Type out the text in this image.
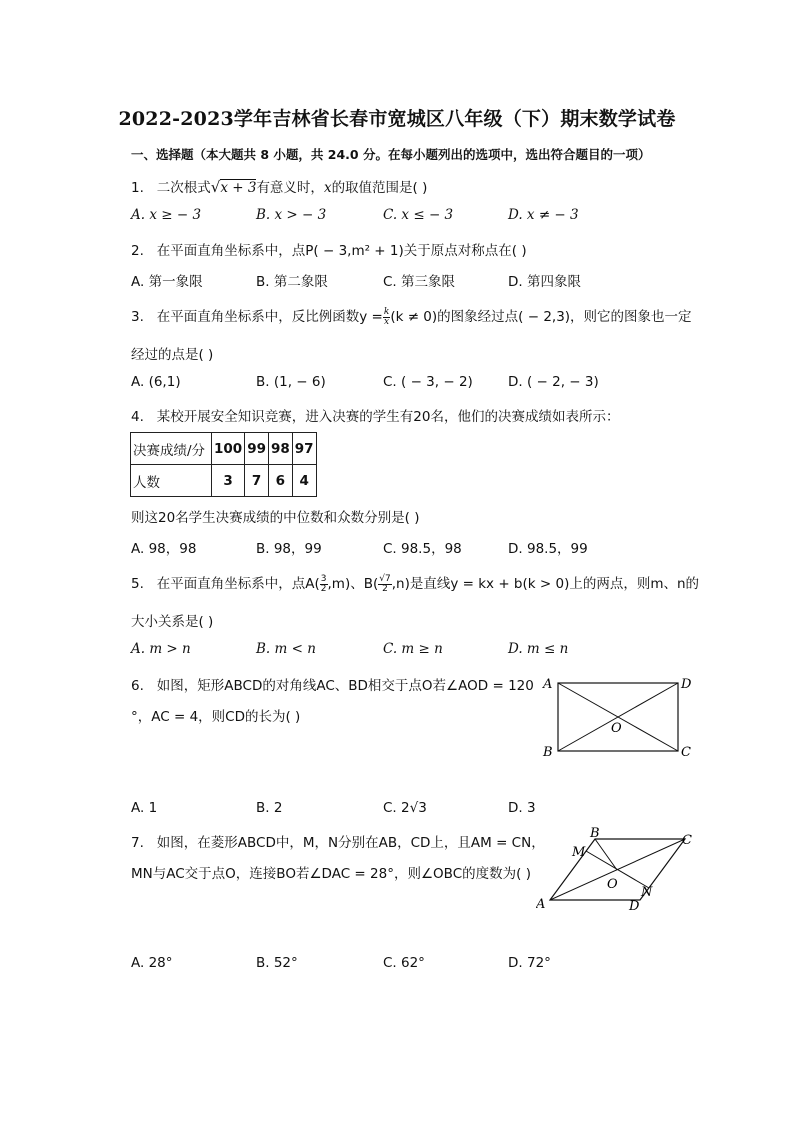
2022-2023学年吉林省长春市宽城区八年级（下）期末数学试卷
一、选择题（本大题共 8 小题，共 24.0 分。在每小题列出的选项中，选出符合题目的一项）
1. 二次根式√x + 3有意义时，x的取值范围是( )
A. x ≥ − 3	B. x > − 3	C. x ≤ − 3	D. x ≠ − 3
2. 在平面直角坐标系中，点P( − 3,m² + 1)关于原点对称点在( )
A. 第一象限	B. 第二象限	C. 第三象限	D. 第四象限
3. 在平面直角坐标系中，反比例函数$y = \frac{k}{x} (k \ne 0)$的图象经过点( − 2,3)，则它的图象也一定
经过的点是( )
A. (6,1)	B. (1, − 6)	C. ( − 3, − 2)	D. ( − 2, − 3)
4. 某校开展安全知识竞赛，进入决赛的学生有20名，他们的决赛成绩如表所示：
决赛成绩/分	100	99	98	97
人数	3	7	6	4
则这20名学生决赛成绩的中位数和众数分别是( )
A. 98，98	B. 98，99	C. 98.5，98	D. 98.5，99
5. 在平面直角坐标系中，点$A( \frac{3}{2} ,m)$、$B( \frac{√7}{2} ,n)$是直线y = kx + b(k > 0)上的两点，则m、n的
大小关系是( )
A. m > n	B. m < n	C. m ≥ n	D. m ≤ n
6. 如图，矩形ABCD的对角线AC、BD相交于点O若∠AOD = 120
°，AC = 4，则CD的长为( )
A	D
B	C
O
A. 1	B. 2	C. 2√3	D. 3
7. 如图，在菱形ABCD中，M，N分别在AB，CD上，且AM = CN，
MN与AC交于点O，连接BO若∠DAC = 28°，则∠OBC的度数为( )
A
B	C
D
M
N
O
A. 28°	B. 52°	C. 62°	D. 72°
